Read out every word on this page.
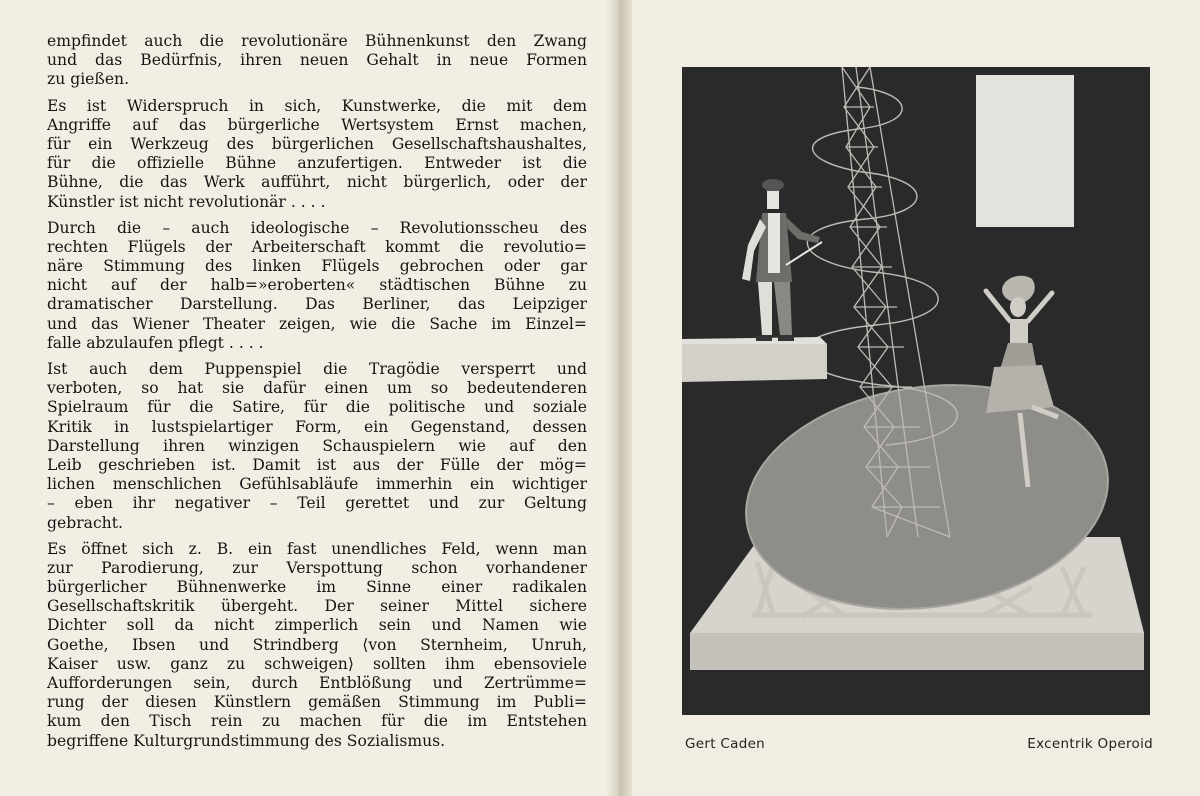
empfindet auch die revolutionäre Bühnenkunst den Zwang
und das Bedürfnis, ihren neuen Gehalt in neue Formen
zu gießen.

Es ist Widerspruch in sich, Kunstwerke, die mit dem
Angriffe auf das bürgerliche Wertsystem Ernst machen,
für ein Werkzeug des bürgerlichen Gesellschaftshaushaltes,
für die offizielle Bühne anzufertigen. Entweder ist die
Bühne, die das Werk aufführt, nicht bürgerlich, oder der
Künstler ist nicht revolutionär . . . .

Durch die – auch ideologische – Revolutionsscheu des
rechten Flügels der Arbeiterschaft kommt die revolutio=
näre Stimmung des linken Flügels gebrochen oder gar
nicht auf der halb=»eroberten« städtischen Bühne zu
dramatischer Darstellung. Das Berliner, das Leipziger
und das Wiener Theater zeigen, wie die Sache im Einzel=
falle abzulaufen pflegt . . . .

Ist auch dem Puppenspiel die Tragödie versperrt und
verboten, so hat sie dafür einen um so bedeutenderen
Spielraum für die Satire, für die politische und soziale
Kritik in lustspielartiger Form, ein Gegenstand, dessen
Darstellung ihren winzigen Schauspielern wie auf den
Leib geschrieben ist. Damit ist aus der Fülle der mög=
lichen menschlichen Gefühlsabläufe immerhin ein wichtiger
– eben ihr negativer – Teil gerettet und zur Geltung
gebracht.

Es öffnet sich z. B. ein fast unendliches Feld, wenn man
zur Parodierung, zur Verspottung schon vorhandener
bürgerlicher Bühnenwerke im Sinne einer radikalen
Gesellschaftskritik übergeht. Der seiner Mittel sichere
Dichter soll da nicht zimperlich sein und Namen wie
Goethe, Ibsen und Strindberg ⟨von Sternheim, Unruh,
Kaiser usw. ganz zu schweigen⟩ sollten ihm ebensoviele
Aufforderungen sein, durch Entblößung und Zertrümme=
rung der diesen Künstlern gemäßen Stimmung im Publi=
kum den Tisch rein zu machen für die im Entstehen
begriffene Kulturgrundstimmung des Sozialismus.	Gert Caden	Excentrik Operoid
